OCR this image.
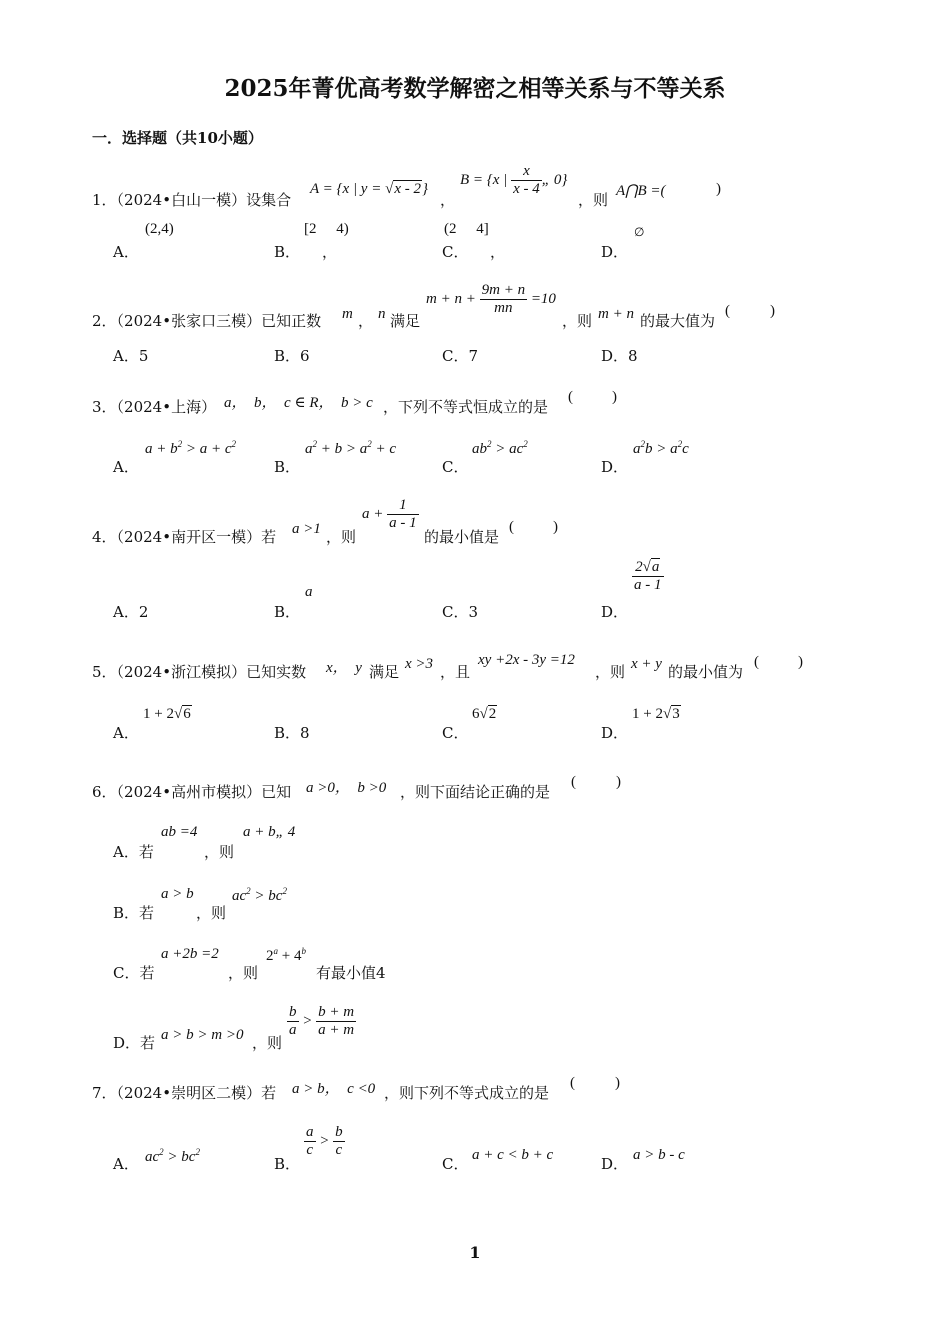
2025年菁优高考数学解密之相等关系与不等关系
一．选择题（共10小题）
1．（2024•白山一模）设集合
A = {x | y = √x - 2}
，
B = {x | $\frac{x}{x - 4}$ „ 0}
，则 A⋂B =(	)
A．
(2,4)
B．
[2 4)
，	C．
(2 4]
，	D．
∅
2．（2024•张家口三模）已知正数 m ， n 满足
$m + n + \frac{9m + n}{mn} =10$
，则 m + n 的最大值为
(	)
A．5	B．6	C．7	D．8
3．（2024•上海） a，  b，  c ∈ R，  b > c ，下列不等式恒成立的是
(	)
A．
$a + b^2 > a + c^2$
B．
$a^2 + b > a^2 + c$
C．
$ab^2 > ac^2$
D．
$a^2b > a^2c$
4．（2024•南开区一模）若 a >1 ，则
$a + \frac{1}{a - 1}$
的最小值是
(	)
A．2	B．
a
C．3	D．
$\frac{2√a}{a - 1}$
5．（2024•浙江模拟）已知实数 x，  y 满足 x >3 ，且
xy +2x - 3y =12
，则 x + y 的最小值为
(	)
A．
1 + 2√6
B．8	C．
6√2
D．
1 + 2√3
6．（2024•高州市模拟）已知 a >0，  b >0 ，则下面结论正确的是
(	)
A．若
ab =4
，则
a + b„ 4
B．若
a > b
，则
$ac^2 > bc^2$
C．若
a +2b =2
，则
$2^a + 4^b$
有最小值4
D．若 a > b > m >0 ，则
$\frac{b}{a} > \frac{b + m}{a + m}$
7．（2024•崇明区二模）若 a > b，  c <0 ，则下列不等式成立的是
(	)
A． $ac^2 > bc^2$
B．
$\frac{a}{c} > \frac{b}{c}$
C． a + c < b + c	D． a > b - c
1
